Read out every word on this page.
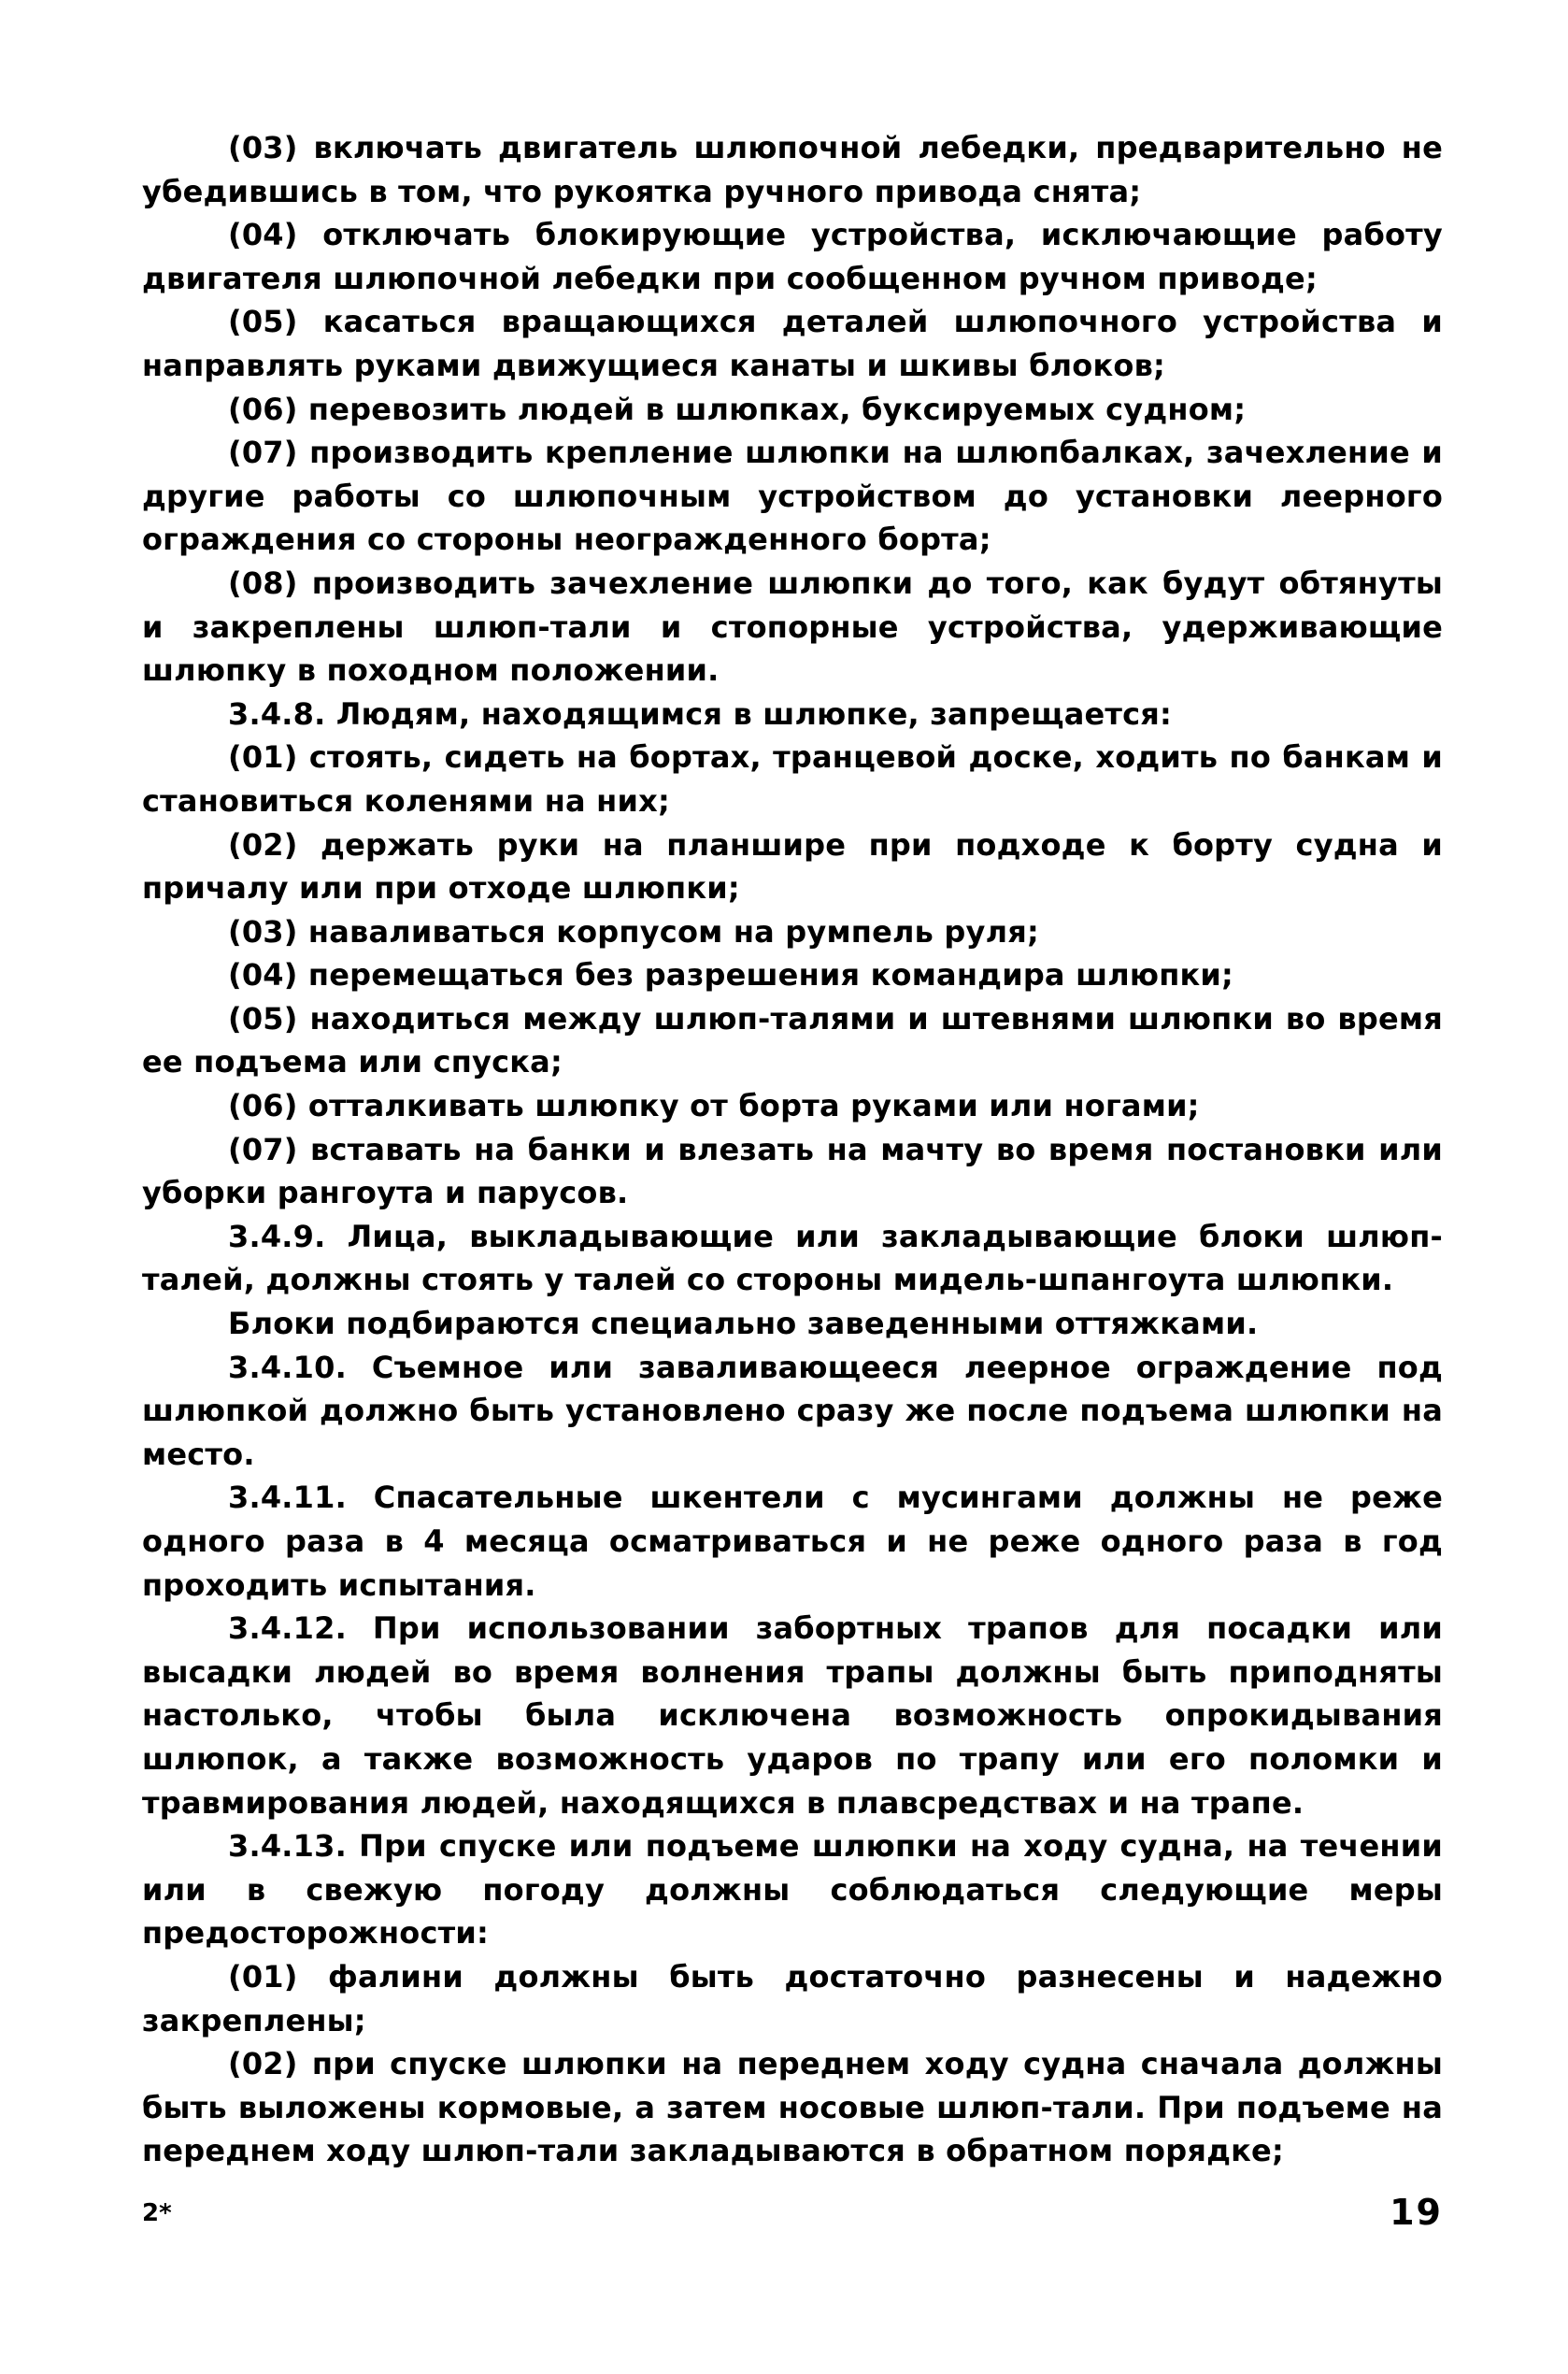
(03) включать двигатель шлюпочной лебедки, предварительно не убедившись в том, что рукоятка ручного привода снята;

(04) отключать блокирующие устройства, исключающие работу двигателя шлюпочной лебедки при сообщенном ручном приводе;

(05) касаться вращающихся деталей шлюпочного устройства и направлять руками движущиеся канаты и шкивы блоков;

(06) перевозить людей в шлюпках, буксируемых судном;

(07) производить крепление шлюпки на шлюпбалках, зачехление и другие работы со шлюпочным устройством до установки леерного ограждения со стороны неогражденного борта;

(08) производить зачехление шлюпки до того, как будут обтянуты и закреплены шлюп-тали и стопорные устройства, удерживающие шлюпку в походном положении.

3.4.8. Людям, находящимся в шлюпке, запрещается:

(01) стоять, сидеть на бортах, транцевой доске, ходить по банкам и становиться коленями на них;

(02) держать руки на планшире при подходе к борту судна и причалу или при отходе шлюпки;

(03) наваливаться корпусом на румпель руля;

(04) перемещаться без разрешения командира шлюпки;

(05) находиться между шлюп-талями и штевнями шлюпки во время ее подъема или спуска;

(06) отталкивать шлюпку от борта руками или ногами;

(07) вставать на банки и влезать на мачту во время постановки или уборки рангоута и парусов.

3.4.9. Лица, выкладывающие или закладывающие блоки шлюп-талей, должны стоять у талей со стороны мидель-шпангоута шлюпки.

Блоки подбираются специально заведенными оттяжками.

3.4.10. Съемное или заваливающееся леерное ограждение под шлюпкой должно быть установлено сразу же после подъема шлюпки на место.

3.4.11. Спасательные шкентели с мусингами должны не реже одного раза в 4 месяца осматриваться и не реже одного раза в год проходить испытания.

3.4.12. При использовании забортных трапов для посадки или высадки людей во время волнения трапы должны быть приподняты настолько, чтобы была исключена возможность опрокидывания шлюпок, а также возможность ударов по трапу или его поломки и травмирования людей, находящихся в плавсредствах и на трапе.

3.4.13. При спуске или подъеме шлюпки на ходу судна, на течении или в свежую погоду должны соблюдаться следующие меры предосторожности:

(01) фалини должны быть достаточно разнесены и надежно закреплены;

(02) при спуске шлюпки на переднем ходу судна сначала должны быть выложены кормовые, а затем носовые шлюп-тали. При подъеме на переднем ходу шлюп-тали закладываются в обратном порядке;

2*	19
